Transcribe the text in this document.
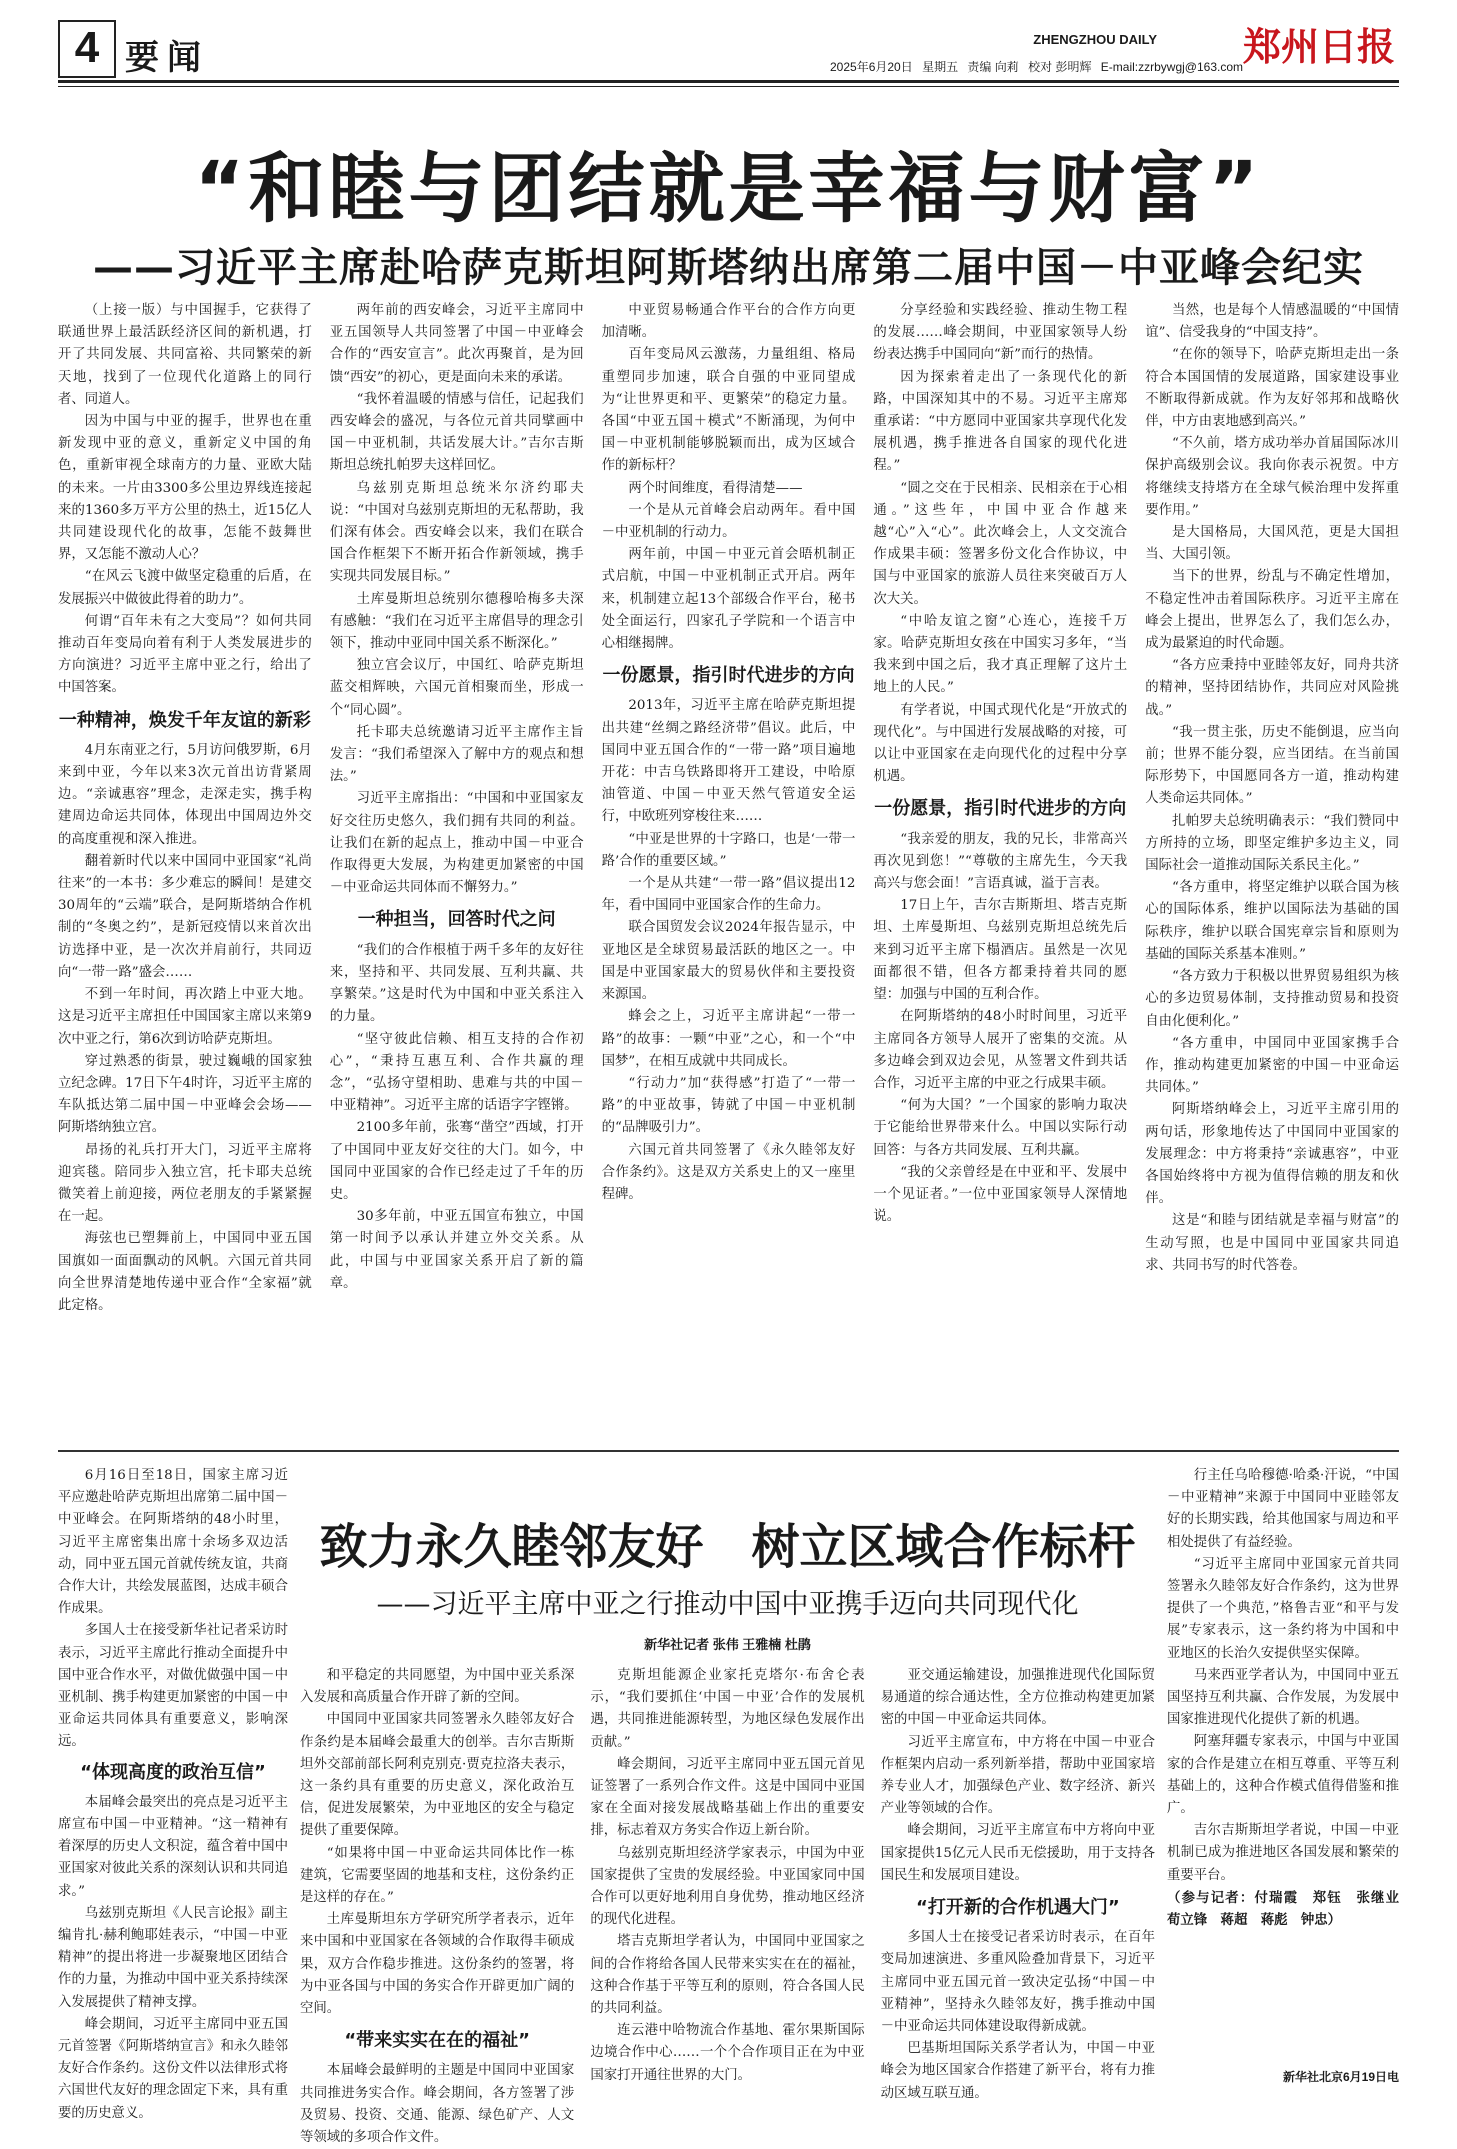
4 要闻	2025年6月20日 星期五 责编 向莉 校对 彭明辉 E-mail:zzrbywgj@163.com
ZHENGZHOU DAILY 郑州日报
“和睦与团结就是幸福与财富”
——习近平主席赴哈萨克斯坦阿斯塔纳出席第二届中国－中亚峰会纪实

（上接一版）与中国握手，它获得了联通世界上最活跃经济区间的新机遇，打开了共同发展、共同富裕、共同繁荣的新天地，找到了一位现代化道路上的同行者、同道人。

因为中国与中亚的握手，世界也在重新发现中亚的意义，重新定义中国的角色，重新审视全球南方的力量、亚欧大陆的未来。一片由3300多公里边界线连接起来的1360多万平方公里的热土，近15亿人共同建设现代化的故事，怎能不鼓舞世界，又怎能不激动人心？

“在风云飞渡中做坚定稳重的后盾，在发展振兴中做彼此得着的助力”。

何谓“百年未有之大变局”？如何共同推动百年变局向着有利于人类发展进步的方向演进？习近平主席中亚之行，给出了中国答案。

一种精神，焕发千年友谊的新彩

4月东南亚之行，5月访问俄罗斯，6月来到中亚，今年以来3次元首出访背紧周边。“亲诚惠容”理念，走深走实，携手构建周边命运共同体，体现出中国周边外交的高度重视和深入推进。

翻着新时代以来中国同中亚国家“礼尚往来”的一本书：多少难忘的瞬间！是建交30周年的“云端”联合，是阿斯塔纳合作机制的“冬奥之约”，是新冠疫情以来首次出访选择中亚，是一次次并肩前行，共同迈向“一带一路”盛会……

不到一年时间，再次踏上中亚大地。这是习近平主席担任中国国家主席以来第9次中亚之行，第6次到访哈萨克斯坦。

穿过熟悉的街景，驶过巍峨的国家独立纪念碑。17日下午4时许，习近平主席的车队抵达第二届中国－中亚峰会会场——阿斯塔纳独立宫。

昂扬的礼兵打开大门，习近平主席将迎宾毯。陪同步入独立宫，托卡耶夫总统微笑着上前迎接，两位老朋友的手紧紧握在一起。

海弦也已塑舞前上，中国同中亚五国国旗如一面面飘动的风帆。六国元首共同向全世界清楚地传递中亚合作“全家福”就此定格。

两年前的西安峰会，习近平主席同中亚五国领导人共同签署了中国－中亚峰会合作的“西安宣言”。此次再聚首，是为回馈“西安”的初心，更是面向未来的承诺。

“我怀着温暖的情感与信任，记起我们西安峰会的盛况，与各位元首共同擘画中国－中亚机制，共话发展大计。”吉尔吉斯斯坦总统扎帕罗夫这样回忆。

乌兹别克斯坦总统米尔济约耶夫说：“中国对乌兹别克斯坦的无私帮助，我们深有体会。西安峰会以来，我们在联合国合作框架下不断开拓合作新领域，携手实现共同发展目标。”

土库曼斯坦总统别尔德穆哈梅多夫深有感触：“我们在习近平主席倡导的理念引领下，推动中亚同中国关系不断深化。”

独立宫会议厅，中国红、哈萨克斯坦蓝交相辉映，六国元首相聚而坐，形成一个“同心圆”。

托卡耶夫总统邀请习近平主席作主旨发言：“我们希望深入了解中方的观点和想法。”

习近平主席指出：“中国和中亚国家友好交往历史悠久，我们拥有共同的利益。让我们在新的起点上，推动中国－中亚合作取得更大发展，为构建更加紧密的中国－中亚命运共同体而不懈努力。”

一种担当，回答时代之问

“我们的合作根植于两千多年的友好往来，坚持和平、共同发展、互利共赢、共享繁荣。”这是时代为中国和中亚关系注入的力量。

“坚守彼此信赖、相互支持的合作初心”，“秉持互惠互利、合作共赢的理念”，“弘扬守望相助、患难与共的中国－中亚精神”。习近平主席的话语字字铿锵。

2100多年前，张骞“凿空”西域，打开了中国同中亚友好交往的大门。如今，中国同中亚国家的合作已经走过了千年的历史。

30多年前，中亚五国宣布独立，中国第一时间予以承认并建立外交关系。从此，中国与中亚国家关系开启了新的篇章。

中亚贸易畅通合作平台的合作方向更加清晰。

百年变局风云激荡，力量组组、格局重塑同步加速，联合自强的中亚同望成为“让世界更和平、更繁荣”的稳定力量。各国“中亚五国＋模式”不断涌现，为何中国－中亚机制能够脱颖而出，成为区域合作的新标杆？

两个时间维度，看得清楚——

一个是从元首峰会启动两年。看中国－中亚机制的行动力。

两年前，中国－中亚元首会晤机制正式启航，中国－中亚机制正式开启。两年来，机制建立起13个部级合作平台，秘书处全面运行，四家孔子学院和一个语言中心相继揭牌。

一份愿景，指引时代进步的方向

2013年，习近平主席在哈萨克斯坦提出共建“丝绸之路经济带”倡议。此后，中国同中亚五国合作的“一带一路”项目遍地开花：中吉乌铁路即将开工建设，中哈原油管道、中国－中亚天然气管道安全运行，中欧班列穿梭往来……

“中亚是世界的十字路口，也是‘一带一路’合作的重要区域。”

一个是从共建“一带一路”倡议提出12年，看中国同中亚国家合作的生命力。

联合国贸发会议2024年报告显示，中亚地区是全球贸易最活跃的地区之一。中国是中亚国家最大的贸易伙伴和主要投资来源国。

蜂会之上，习近平主席讲起“一带一路”的故事：一颗“中亚”之心，和一个“中国梦”，在相互成就中共同成长。

“行动力”加“获得感”打造了“一带一路”的中亚故事，铸就了中国－中亚机制的“品牌吸引力”。

六国元首共同签署了《永久睦邻友好合作条约》。这是双方关系史上的又一座里程碑。

分享经验和实践经验、推动生物工程的发展……峰会期间，中亚国家领导人纷纷表达携手中国同向“新”而行的热情。

因为探索着走出了一条现代化的新路，中国深知其中的不易。习近平主席郑重承诺：“中方愿同中亚国家共享现代化发展机遇，携手推进各自国家的现代化进程。”

“圆之交在于民相亲、民相亲在于心相通。”这些年，中国中亚合作越来越“心”入“心”。此次峰会上，人文交流合作成果丰硕：签署多份文化合作协议，中国与中亚国家的旅游人员往来突破百万人次大关。

“中哈友谊之窗”心连心，连接千万家。哈萨克斯坦女孩在中国实习多年，“当我来到中国之后，我才真正理解了这片土地上的人民。”

有学者说，中国式现代化是“开放式的现代化”。与中国进行发展战略的对接，可以让中亚国家在走向现代化的过程中分享机遇。

一份愿景，指引时代进步的方向

“我亲爱的朋友，我的兄长，非常高兴再次见到您！”“尊敬的主席先生，今天我高兴与您会面！”言语真诚，溢于言表。

17日上午，吉尔吉斯斯坦、塔吉克斯坦、土库曼斯坦、乌兹别克斯坦总统先后来到习近平主席下榻酒店。虽然是一次见面都很不错，但各方都秉持着共同的愿望：加强与中国的互利合作。

在阿斯塔纳的48小时时间里，习近平主席同各方领导人展开了密集的交流。从多边峰会到双边会见，从签署文件到共话合作，习近平主席的中亚之行成果丰硕。

“何为大国？”一个国家的影响力取决于它能给世界带来什么。中国以实际行动回答：与各方共同发展、互利共赢。

“我的父亲曾经是在中亚和平、发展中一个见证者。”一位中亚国家领导人深情地说。

当然，也是每个人情感温暖的“中国情谊”、信受我身的“中国支持”。

“在你的领导下，哈萨克斯坦走出一条符合本国国情的发展道路，国家建设事业不断取得新成就。作为友好邻邦和战略伙伴，中方由衷地感到高兴。”

“不久前，塔方成功举办首届国际冰川保护高级别会议。我向你表示祝贺。中方将继续支持塔方在全球气候治理中发挥重要作用。”

是大国格局，大国风范，更是大国担当、大国引领。

当下的世界，纷乱与不确定性增加，不稳定性冲击着国际秩序。习近平主席在峰会上提出，世界怎么了，我们怎么办，成为最紧迫的时代命题。

“各方应秉持中亚睦邻友好，同舟共济的精神，坚持团结协作，共同应对风险挑战。”

“我一贯主张，历史不能倒退，应当向前；世界不能分裂，应当团结。在当前国际形势下，中国愿同各方一道，推动构建人类命运共同体。”

扎帕罗夫总统明确表示：“我们赞同中方所持的立场，即坚定维护多边主义，同国际社会一道推动国际关系民主化。”

“各方重申，将坚定维护以联合国为核心的国际体系，维护以国际法为基础的国际秩序，维护以联合国宪章宗旨和原则为基础的国际关系基本准则。”

“各方致力于积极以世界贸易组织为核心的多边贸易体制，支持推动贸易和投资自由化便利化。”

“各方重申，中国同中亚国家携手合作，推动构建更加紧密的中国－中亚命运共同体。”

阿斯塔纳峰会上，习近平主席引用的两句话，形象地传达了中国同中亚国家的发展理念：中方将秉持“亲诚惠容”，中亚各国始终将中方视为值得信赖的朋友和伙伴。

这是“和睦与团结就是幸福与财富”的生动写照，也是中国同中亚国家共同追求、共同书写的时代答卷。

6月16日至18日，国家主席习近平应邀赴哈萨克斯坦出席第二届中国－中亚峰会。在阿斯塔纳的48小时里，习近平主席密集出席十余场多双边活动，同中亚五国元首就传统友谊，共商合作大计，共绘发展蓝图，达成丰硕合作成果。

多国人士在接受新华社记者采访时表示，习近平主席此行推动全面提升中国中亚合作水平，对做优做强中国－中亚机制、携手构建更加紧密的中国－中亚命运共同体具有重要意义，影响深远。

“体现高度的政治互信”

本届峰会最突出的亮点是习近平主席宣布中国－中亚精神。“这一精神有着深厚的历史人文积淀，蕴含着中国中亚国家对彼此关系的深刻认识和共同追求。”

乌兹别克斯坦《人民言论报》副主编肯扎·赫利鲍耶娃表示，“中国－中亚精神”的提出将进一步凝聚地区团结合作的力量，为推动中国中亚关系持续深入发展提供了精神支撑。

峰会期间，习近平主席同中亚五国元首签署《阿斯塔纳宣言》和永久睦邻友好合作条约。这份文件以法律形式将六国世代友好的理念固定下来，具有重要的历史意义。

致力永久睦邻友好　树立区域合作标杆
——习近平主席中亚之行推动中国中亚携手迈向共同现代化
新华社记者 张伟 王雅楠 杜鹃

和平稳定的共同愿望，为中国中亚关系深入发展和高质量合作开辟了新的空间。

中国同中亚国家共同签署永久睦邻友好合作条约是本届峰会最重大的创举。吉尔吉斯斯坦外交部前部长阿利克别克·贾克拉洛夫表示，这一条约具有重要的历史意义，深化政治互信，促进发展繁荣，为中亚地区的安全与稳定提供了重要保障。

“如果将中国－中亚命运共同体比作一栋建筑，它需要坚固的地基和支柱，这份条约正是这样的存在。”

土库曼斯坦东方学研究所学者表示，近年来中国和中亚国家在各领域的合作取得丰硕成果，双方合作稳步推进。这份条约的签署，将为中亚各国与中国的务实合作开辟更加广阔的空间。

“带来实实在在的福祉”

本届峰会最鲜明的主题是中国同中亚国家共同推进务实合作。峰会期间，各方签署了涉及贸易、投资、交通、能源、绿色矿产、人文等领域的多项合作文件。

克斯坦能源企业家托克塔尔·布舍仑表示，“我们要抓住‘中国－中亚’合作的发展机遇，共同推进能源转型，为地区绿色发展作出贡献。”

峰会期间，习近平主席同中亚五国元首见证签署了一系列合作文件。这是中国同中亚国家在全面对接发展战略基础上作出的重要安排，标志着双方务实合作迈上新台阶。

乌兹别克斯坦经济学家表示，中国为中亚国家提供了宝贵的发展经验。中亚国家同中国合作可以更好地利用自身优势，推动地区经济的现代化进程。

塔吉克斯坦学者认为，中国同中亚国家之间的合作将给各国人民带来实实在在的福祉，这种合作基于平等互利的原则，符合各国人民的共同利益。

连云港中哈物流合作基地、霍尔果斯国际边境合作中心……一个个合作项目正在为中亚国家打开通往世界的大门。

亚交通运输建设，加强推进现代化国际贸易通道的综合通达性，全方位推动构建更加紧密的中国－中亚命运共同体。

习近平主席宣布，中方将在中国－中亚合作框架内启动一系列新举措，帮助中亚国家培养专业人才，加强绿色产业、数字经济、新兴产业等领域的合作。

峰会期间，习近平主席宣布中方将向中亚国家提供15亿元人民币无偿援助，用于支持各国民生和发展项目建设。

“打开新的合作机遇大门”

多国人士在接受记者采访时表示，在百年变局加速演进、多重风险叠加背景下，习近平主席同中亚五国元首一致决定弘扬“中国－中亚精神”，坚持永久睦邻友好，携手推动中国－中亚命运共同体建设取得新成就。

巴基斯坦国际关系学者认为，中国－中亚峰会为地区国家合作搭建了新平台，将有力推动区域互联互通。

行主任乌哈穆德·哈桑·汗说，“中国－中亚精神”来源于中国同中亚睦邻友好的长期实践，给其他国家与周边和平相处提供了有益经验。

“习近平主席同中亚国家元首共同签署永久睦邻友好合作条约，这为世界提供了一个典范，”格鲁吉亚“和平与发展”专家表示，这一条约将为中国和中亚地区的长治久安提供坚实保障。

马来西亚学者认为，中国同中亚五国坚持互利共赢、合作发展，为发展中国家推进现代化提供了新的机遇。

阿塞拜疆专家表示，中国与中亚国家的合作是建立在相互尊重、平等互利基础上的，这种合作模式值得借鉴和推广。

吉尔吉斯斯坦学者说，中国－中亚机制已成为推进地区各国发展和繁荣的重要平台。

（参与记者：付瑞霞　郑钰　张继业　荀立锋　蒋超　蒋彪　钟忠）

新华社北京6月19日电
